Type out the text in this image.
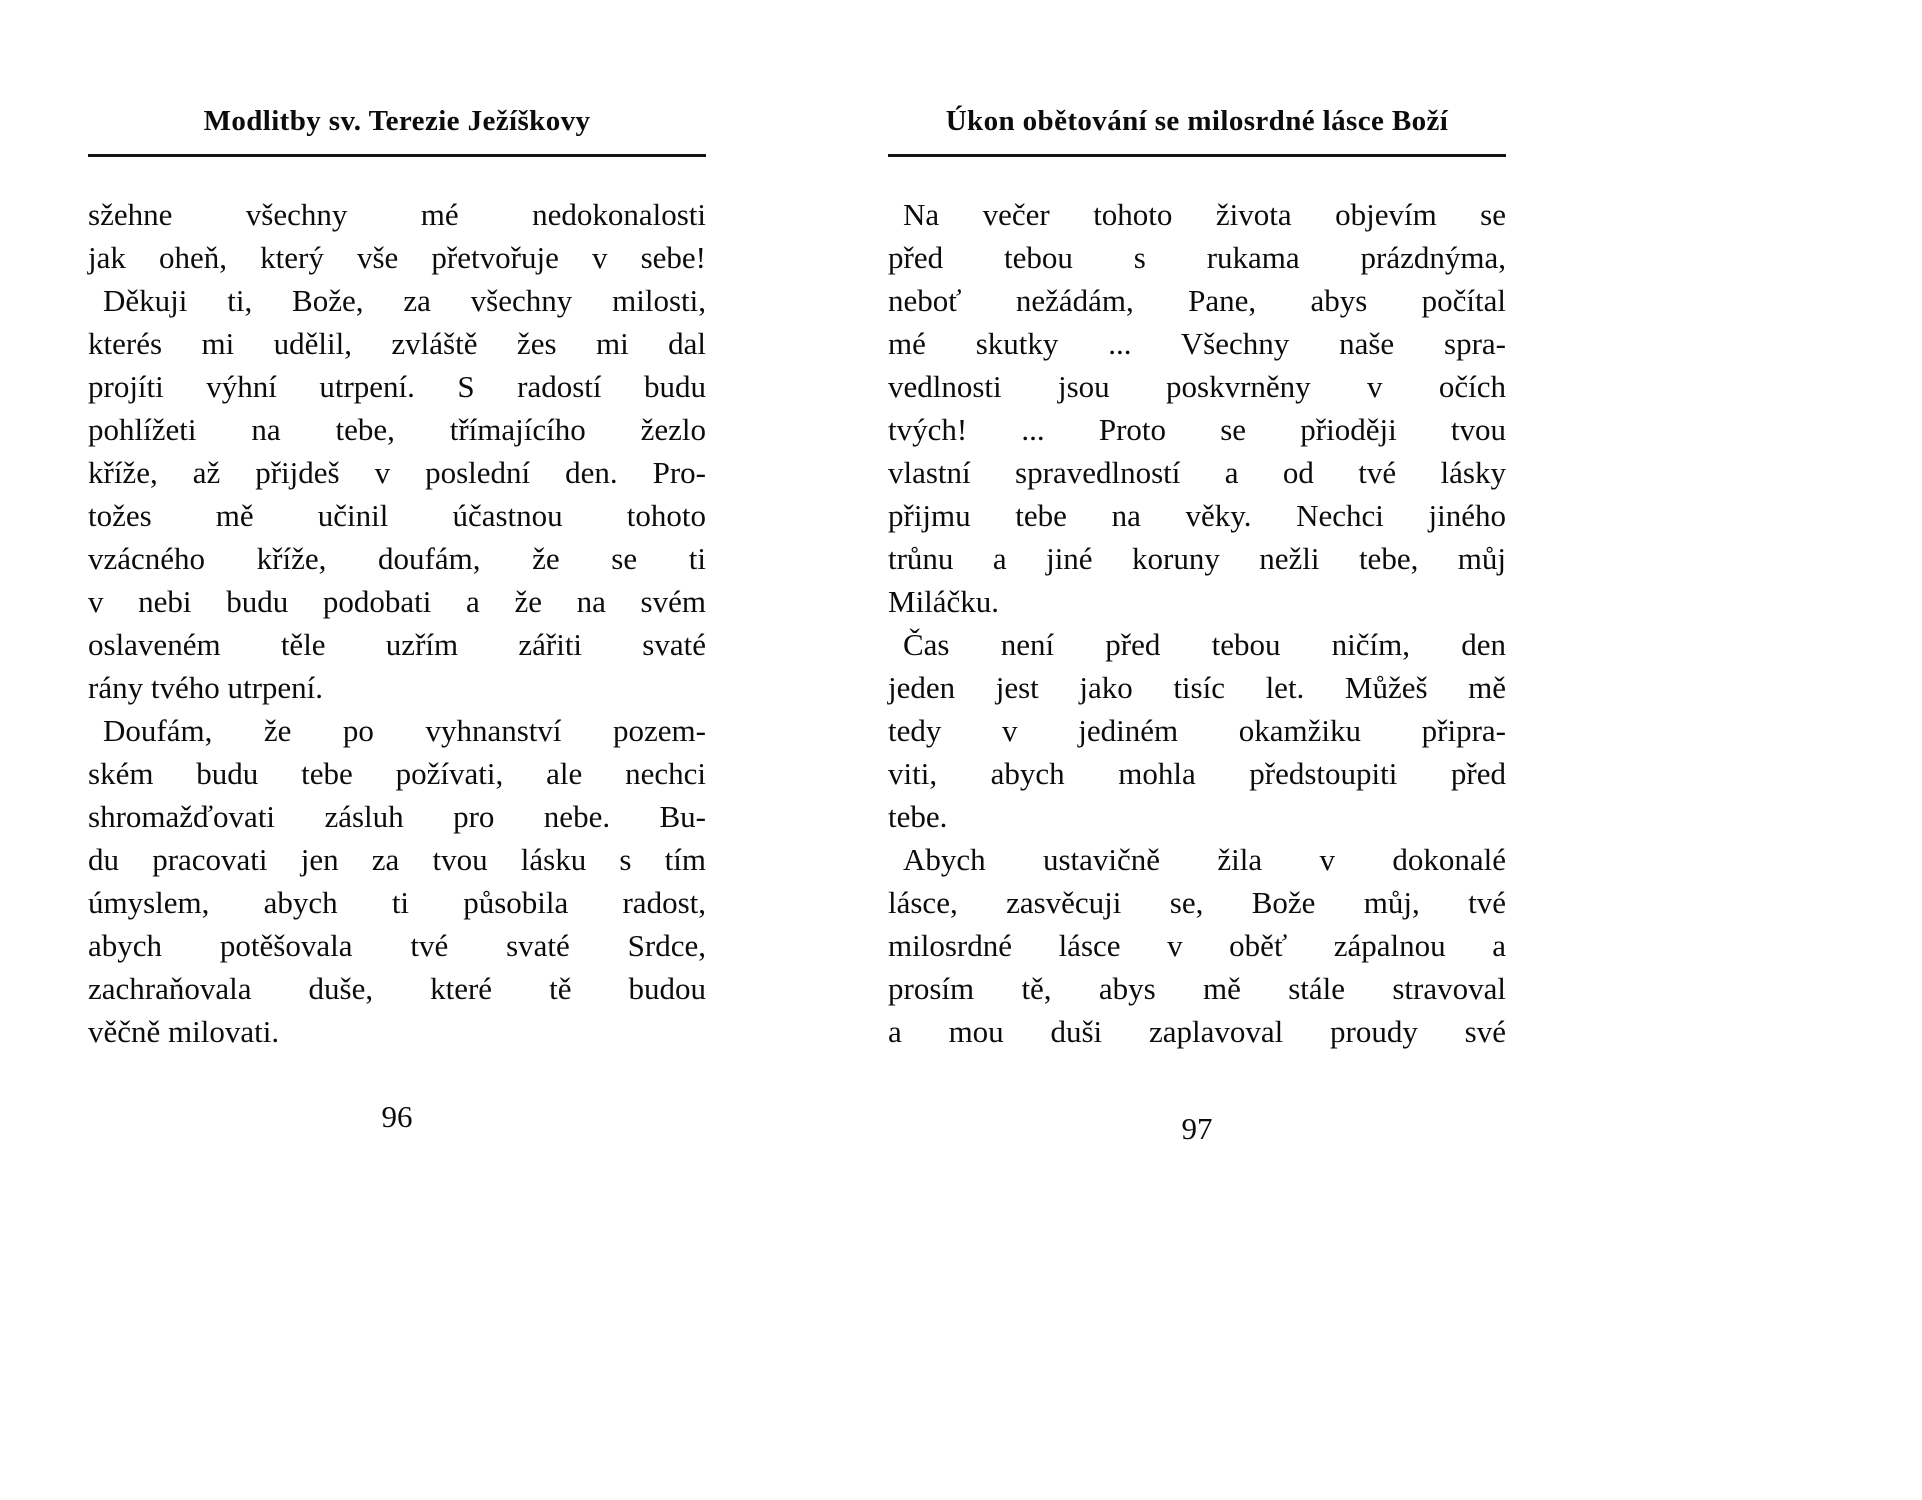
Modlitby sv. Terezie Ježíškovy
sžehne všechny mé nedokonalosti
jak oheň, který vše přetvořuje v sebe!
Děkuji ti, Bože, za všechny milosti,
kterés mi udělil, zvláště žes mi dal
projíti výhní utrpení. S radostí budu
pohlížeti na tebe, třímajícího žezlo
kříže, až přijdeš v poslední den. Pro-
tožes mě učinil účastnou tohoto
vzácného kříže, doufám, že se ti
v nebi budu podobati a že na svém
oslaveném těle uzřím zářiti svaté
rány tvého utrpení.
Doufám, že po vyhnanství pozem-
ském budu tebe požívati, ale nechci
shromažďovati zásluh pro nebe. Bu-
du pracovati jen za tvou lásku s tím
úmyslem, abych ti působila radost,
abych potěšovala tvé svaté Srdce,
zachraňovala duše, které tě budou
věčně milovati.
96
Úkon obětování se milosrdné lásce Boží
Na večer tohoto života objevím se
před tebou s rukama prázdnýma,
neboť nežádám, Pane, abys počítal
mé skutky ... Všechny naše spra-
vedlnosti jsou poskvrněny v očích
tvých! ... Proto se přioději tvou
vlastní spravedlností a od tvé lásky
přijmu tebe na věky. Nechci jiného
trůnu a jiné koruny nežli tebe, můj
Miláčku.
Čas není před tebou ničím, den
jeden jest jako tisíc let. Můžeš mě
tedy v jediném okamžiku připra-
viti, abych mohla předstoupiti před
tebe.
Abych ustavičně žila v dokonalé
lásce, zasvěcuji se, Bože můj, tvé
milosrdné lásce v oběť zápalnou a
prosím tě, abys mě stále stravoval
a mou duši zaplavoval proudy své
97
